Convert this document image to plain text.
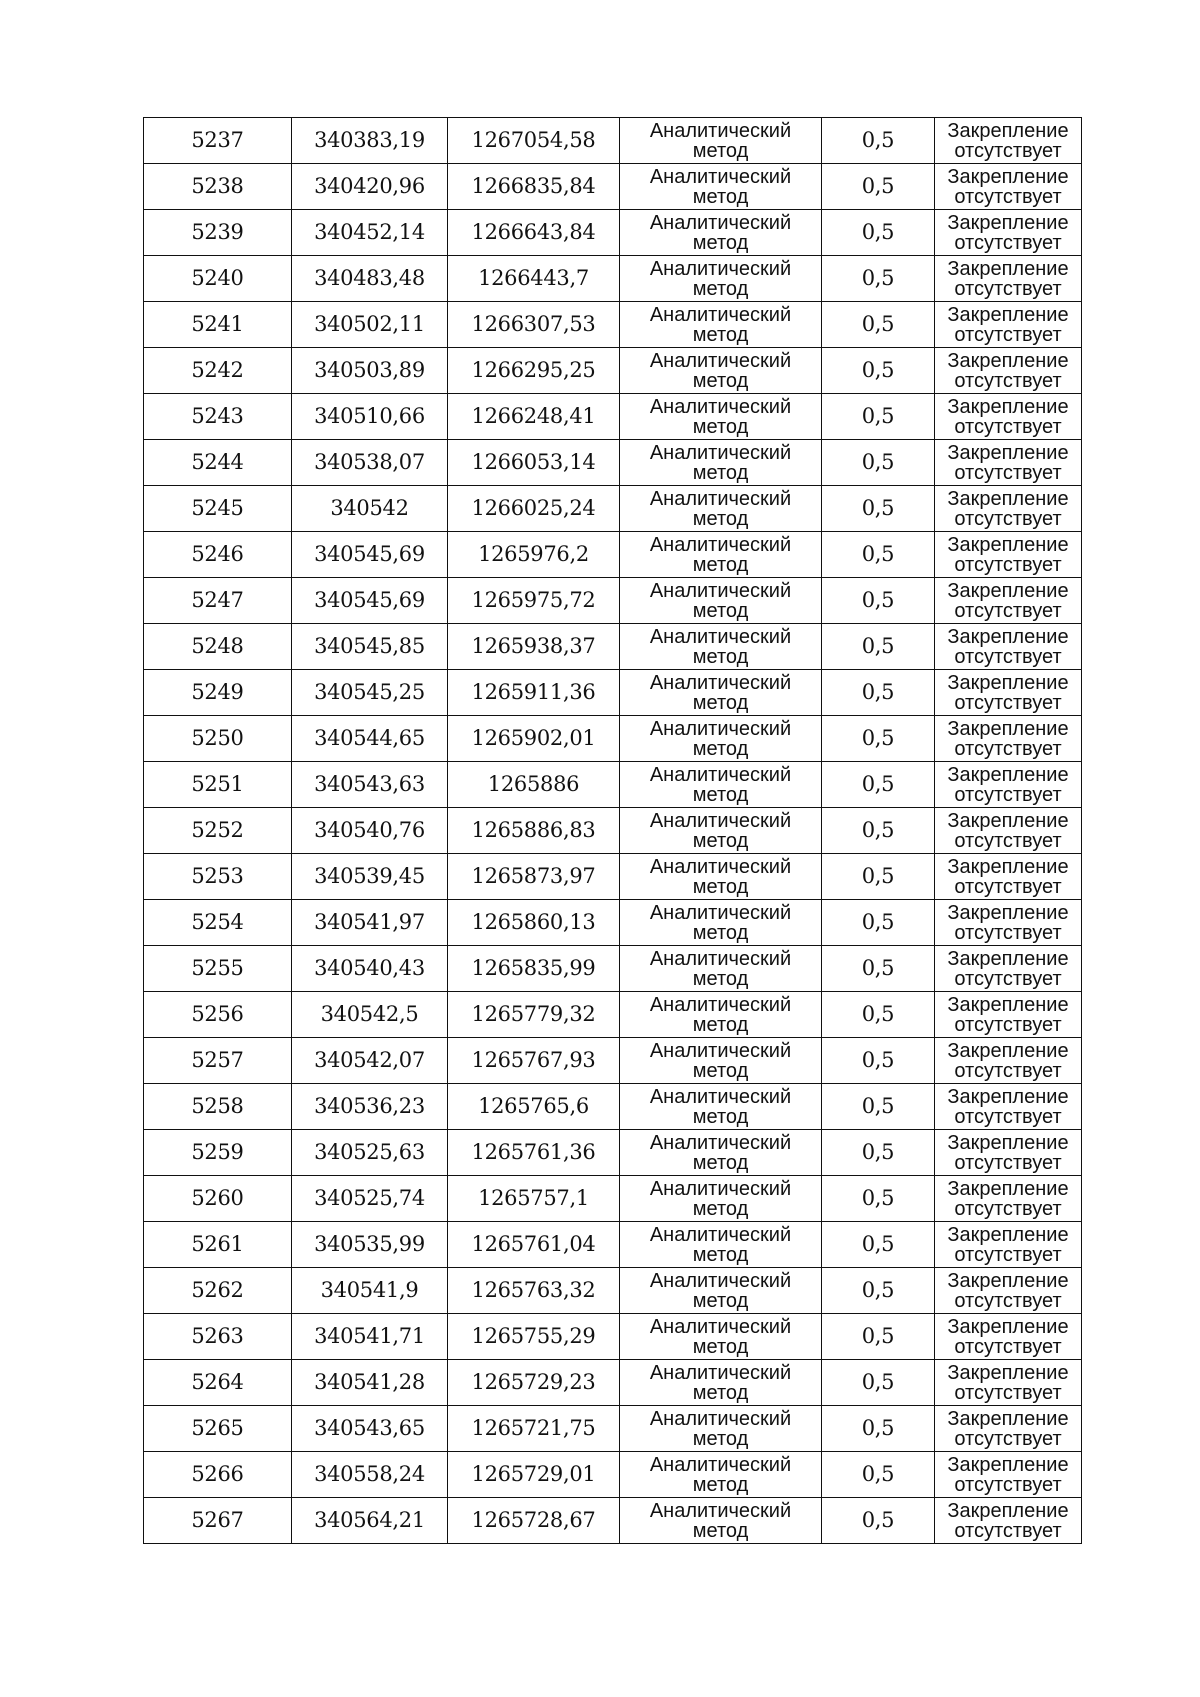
5237	340383,19	1267054,58	Аналитический
метод	0,5	Закрепление
отсутствует

5238	340420,96	1266835,84	Аналитический
метод	0,5	Закрепление
отсутствует

5239	340452,14	1266643,84	Аналитический
метод	0,5	Закрепление
отсутствует

5240	340483,48	1266443,7	Аналитический
метод	0,5	Закрепление
отсутствует

5241	340502,11	1266307,53	Аналитический
метод	0,5	Закрепление
отсутствует

5242	340503,89	1266295,25	Аналитический
метод	0,5	Закрепление
отсутствует

5243	340510,66	1266248,41	Аналитический
метод	0,5	Закрепление
отсутствует

5244	340538,07	1266053,14	Аналитический
метод	0,5	Закрепление
отсутствует

5245	340542	1266025,24	Аналитический
метод	0,5	Закрепление
отсутствует

5246	340545,69	1265976,2	Аналитический
метод	0,5	Закрепление
отсутствует

5247	340545,69	1265975,72	Аналитический
метод	0,5	Закрепление
отсутствует

5248	340545,85	1265938,37	Аналитический
метод	0,5	Закрепление
отсутствует

5249	340545,25	1265911,36	Аналитический
метод	0,5	Закрепление
отсутствует

5250	340544,65	1265902,01	Аналитический
метод	0,5	Закрепление
отсутствует

5251	340543,63	1265886	Аналитический
метод	0,5	Закрепление
отсутствует

5252	340540,76	1265886,83	Аналитический
метод	0,5	Закрепление
отсутствует

5253	340539,45	1265873,97	Аналитический
метод	0,5	Закрепление
отсутствует

5254	340541,97	1265860,13	Аналитический
метод	0,5	Закрепление
отсутствует

5255	340540,43	1265835,99	Аналитический
метод	0,5	Закрепление
отсутствует

5256	340542,5	1265779,32	Аналитический
метод	0,5	Закрепление
отсутствует

5257	340542,07	1265767,93	Аналитический
метод	0,5	Закрепление
отсутствует

5258	340536,23	1265765,6	Аналитический
метод	0,5	Закрепление
отсутствует

5259	340525,63	1265761,36	Аналитический
метод	0,5	Закрепление
отсутствует

5260	340525,74	1265757,1	Аналитический
метод	0,5	Закрепление
отсутствует

5261	340535,99	1265761,04	Аналитический
метод	0,5	Закрепление
отсутствует

5262	340541,9	1265763,32	Аналитический
метод	0,5	Закрепление
отсутствует

5263	340541,71	1265755,29	Аналитический
метод	0,5	Закрепление
отсутствует

5264	340541,28	1265729,23	Аналитический
метод	0,5	Закрепление
отсутствует

5265	340543,65	1265721,75	Аналитический
метод	0,5	Закрепление
отсутствует

5266	340558,24	1265729,01	Аналитический
метод	0,5	Закрепление
отсутствует

5267	340564,21	1265728,67	Аналитический
метод	0,5	Закрепление
отсутствует
